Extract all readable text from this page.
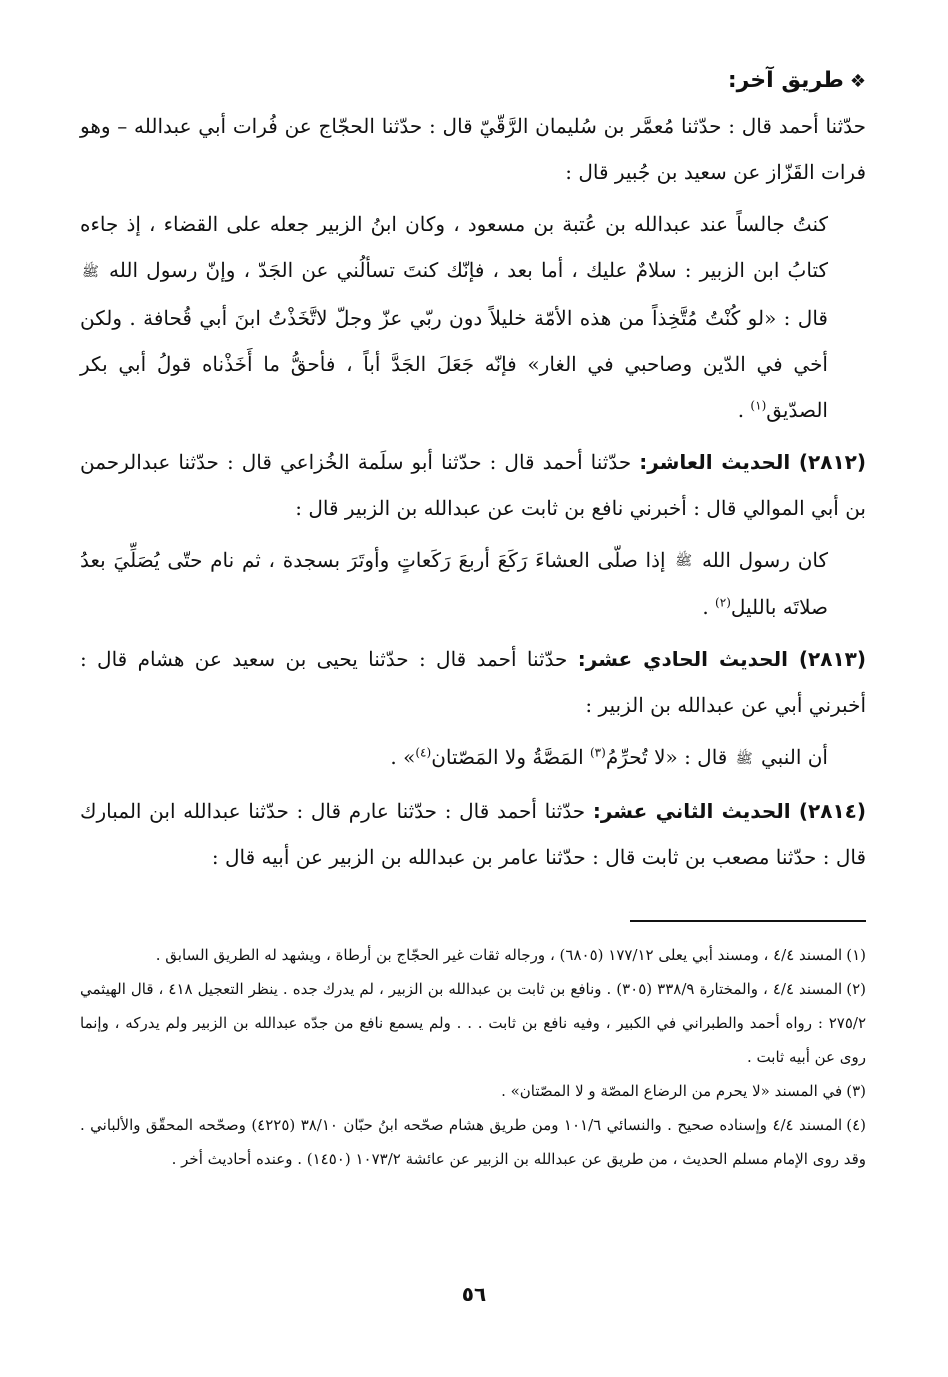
❖طريق آخر:

حدّثنا أحمد قال : حدّثنا مُعمَّر بن سُليمان الرَّقّيّ قال : حدّثنا الحجّاج عن فُرات أبي عبدالله – وهو فرات القَزّاز عن سعيد بن جُبير قال :

كنتُ جالساً عند عبدالله بن عُتبة بن مسعود ، وكان ابنُ الزبير جعله على القضاء ، إذ جاءه كتابُ ابن الزبير : سلامٌ عليك ، أما بعد ، فإنّك كنتَ تسألُني عن الجَدّ ، وإنّ رسول الله ﷺ قال : «لو كُنْتُ مُتَّخِذاً من هذه الأمّة خليلاً دون ربّي عزّ وجلّ لاتَّخَذْتُ ابنَ أبي قُحافة . ولكن أخي في الدّين وصاحبي في الغار» فإنّه جَعَلَ الجَدَّ أباً ، فأحقُّ ما أَخَذْناه قولُ أبي بكر الصدّيق$^{(١)}$ .

(٢٨١٢) الحديث العاشر: حدّثنا أحمد قال : حدّثنا أبو سلَمة الخُزاعي قال : حدّثنا عبدالرحمن بن أبي الموالي قال : أخبرني نافع بن ثابت عن عبدالله بن الزبير قال :

كان رسول الله ﷺ إذا صلّى العشاءَ رَكَعَ أربعَ رَكَعاتٍ وأوتَرَ بسجدة ، ثم نام حتّى يُصَلِّيَ بعدُ صلاتَه بالليل$^{(٢)}$ .

(٢٨١٣) الحديث الحادي عشر: حدّثنا أحمد قال : حدّثنا يحيى بن سعيد عن هشام قال : أخبرني أبي عن عبدالله بن الزبير :

أن النبي ﷺ قال : «لا تُحرِّمُ$^{(٣)}$ المَصَّةُ ولا المَصّتان$^{(٤)}$» .

(٢٨١٤) الحديث الثاني عشر: حدّثنا أحمد قال : حدّثنا عارم قال : حدّثنا عبدالله ابن المبارك قال : حدّثنا مصعب بن ثابت قال : حدّثنا عامر بن عبدالله بن الزبير عن أبيه قال :

(١)المسند ٤/٤ ، ومسند أبي يعلى ١٧٧/١٢ (٦٨٠٥) ، ورجاله ثقات غير الحجّاج بن أرطاة ، ويشهد له الطريق السابق .

(٢)المسند ٤/٤ ، والمختارة ٣٣٨/٩ (٣٠٥) . ونافع بن ثابت بن عبدالله بن الزبير ، لم يدرك جده . ينظر التعجيل ٤١٨ ، قال الهيثمي ٢٧٥/٢ : رواه أحمد والطبراني في الكبير ، وفيه نافع بن ثابت . . . ولم يسمع نافع من جدّه عبدالله بن الزبير ولم يدركه ، وإنما روى عن أبيه ثابت .

(٣)في المسند «لا يحرم من الرضاع المصّة و لا المصّتان» .

(٤)المسند ٤/٤ وإسناده صحيح . والنسائي ١٠١/٦ ومن طريق هشام صحّحه ابنُ حبّان ٣٨/١٠ (٤٢٢٥) وصحّحه المحقّق والألباني . وقد روى الإمام مسلم الحديث ، من طريق عن عبدالله بن الزبير عن عائشة ١٠٧٣/٢ (١٤٥٠) . وعنده أحاديث أخر .

٥٦
